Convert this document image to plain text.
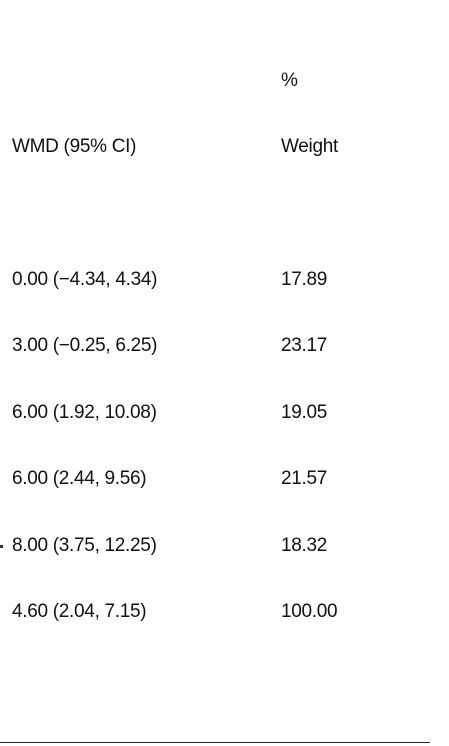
%
WMD (95% CI)	Weight
0.00 (−4.34, 4.34)	17.89
3.00 (−0.25, 6.25)	23.17
6.00 (1.92, 10.08)	19.05
6.00 (2.44, 9.56)	21.57
8.00 (3.75, 12.25)	18.32
4.60 (2.04, 7.15)	100.00
